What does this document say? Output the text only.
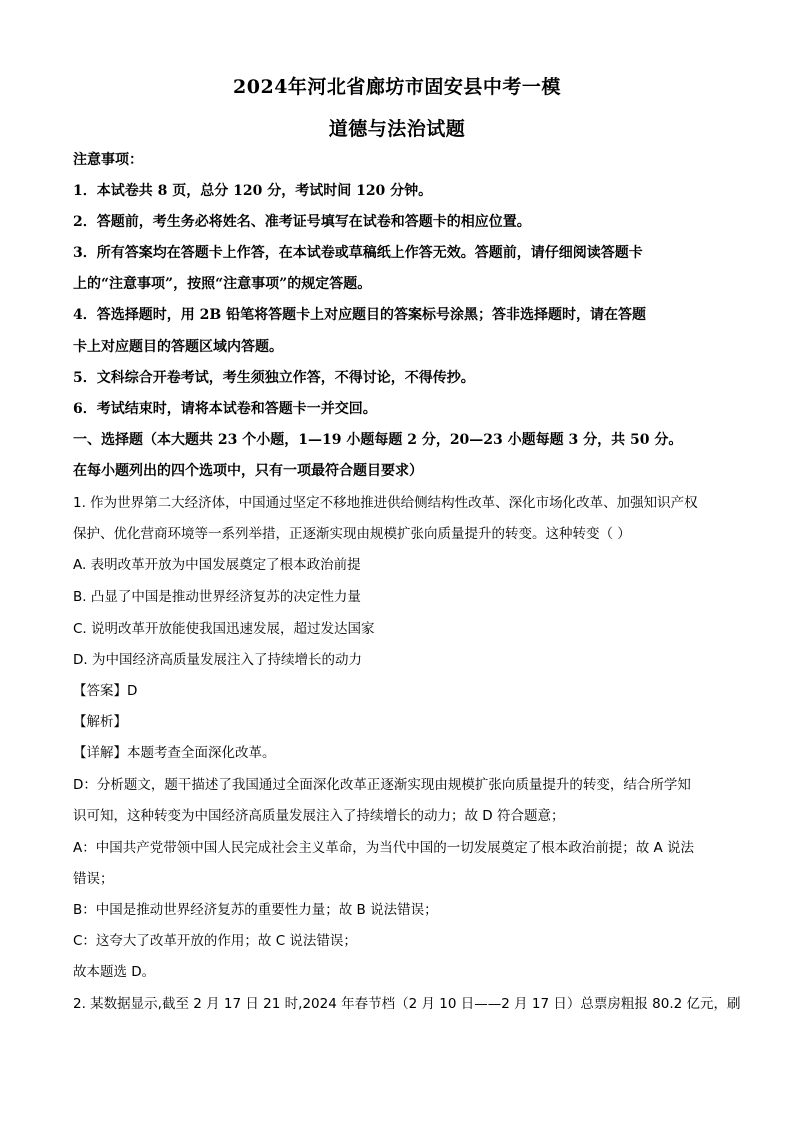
2024年河北省廊坊市固安县中考一模
道德与法治试题
注意事项：
1．本试卷共 8 页，总分 120 分，考试时间 120 分钟。
2．答题前，考生务必将姓名、准考证号填写在试卷和答题卡的相应位置。
3．所有答案均在答题卡上作答，在本试卷或草稿纸上作答无效。答题前，请仔细阅读答题卡
上的“注意事项”，按照“注意事项”的规定答题。
4．答选择题时，用 2B 铅笔将答题卡上对应题目的答案标号涂黑；答非选择题时，请在答题
卡上对应题目的答题区域内答题。
5．文科综合开卷考试，考生须独立作答，不得讨论，不得传抄。
6．考试结束时，请将本试卷和答题卡一并交回。
一、选择题（本大题共 23 个小题，1—19 小题每题 2 分，20—23 小题每题 3 分，共 50 分。
在每小题列出的四个选项中，只有一项最符合题目要求）
1. 作为世界第二大经济体，中国通过坚定不移地推进供给侧结构性改革、深化市场化改革、加强知识产权
保护、优化营商环境等一系列举措，正逐渐实现由规模扩张向质量提升的转变。这种转变（ ）
A. 表明改革开放为中国发展奠定了根本政治前提
B. 凸显了中国是推动世界经济复苏的决定性力量
C. 说明改革开放能使我国迅速发展，超过发达国家
D. 为中国经济高质量发展注入了持续增长的动力
【答案】D
【解析】
【详解】本题考查全面深化改革。
D：分析题文，题干描述了我国通过全面深化改革正逐渐实现由规模扩张向质量提升的转变，结合所学知
识可知，这种转变为中国经济高质量发展注入了持续增长的动力；故 D 符合题意；
A：中国共产党带领中国人民完成社会主义革命，为当代中国的一切发展奠定了根本政治前提；故 A 说法
错误；
B：中国是推动世界经济复苏的重要性力量；故 B 说法错误；
C：这夸大了改革开放的作用；故 C 说法错误；
故本题选 D。
2. 某数据显示,截至 2 月 17 日 21 时,2024 年春节档（2 月 10 日——2 月 17 日）总票房粗报 80.2 亿元，刷
